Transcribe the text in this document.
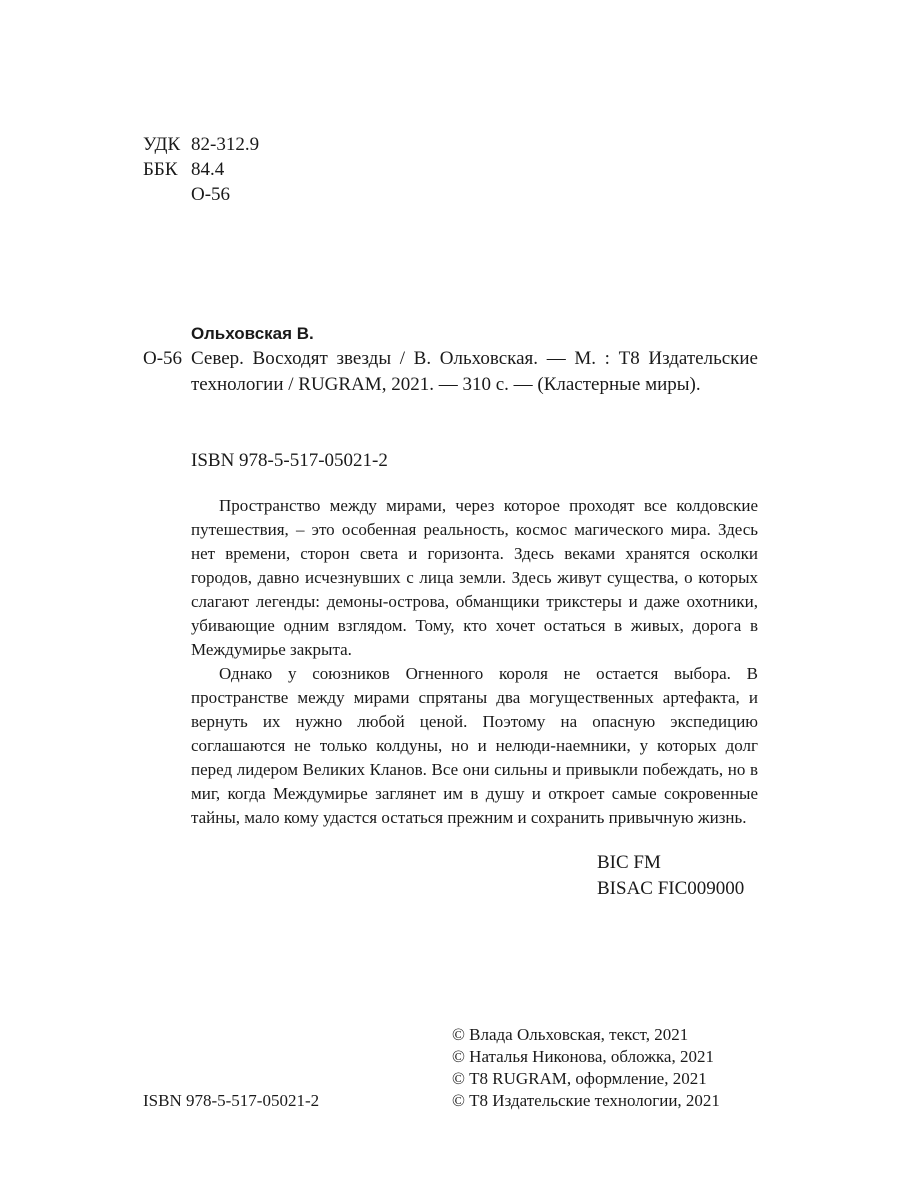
УДК 82-312.9
ББК 84.4
О-56
Ольховская В.
О-56 Север. Восходят звезды / В. Ольховская. — М. : Т8 Издательские технологии / RUGRAM, 2021. — 310 с. — (Кластерные миры).
ISBN 978-5-517-05021-2

Пространство между мирами, через которое проходят все колдовские путешествия, – это особенная реальность, космос магического мира. Здесь нет времени, сторон света и горизонта. Здесь веками хранятся осколки городов, давно исчезнувших с лица земли. Здесь живут существа, о которых слагают легенды: демоны-острова, обманщики трикстеры и даже охотники, убивающие одним взглядом. Тому, кто хочет остаться в живых, дорога в Междумирье закрыта.

Однако у союзников Огненного короля не остается выбора. В пространстве между мирами спрятаны два могущественных артефакта, и вернуть их нужно любой ценой. Поэтому на опасную экспедицию соглашаются не только колдуны, но и нелюди-наемники, у которых долг перед лидером Великих Кланов. Все они сильны и привыкли побеждать, но в миг, когда Междумирье заглянет им в душу и откроет самые сокровенные тайны, мало кому удастся остаться прежним и сохранить привычную жизнь.

BIC FM
BISAC FIC009000
ISBN 978-5-517-05021-2
© Влада Ольховская, текст, 2021
© Наталья Никонова, обложка, 2021
© Т8 RUGRAM, оформление, 2021
© Т8 Издательские технологии, 2021
